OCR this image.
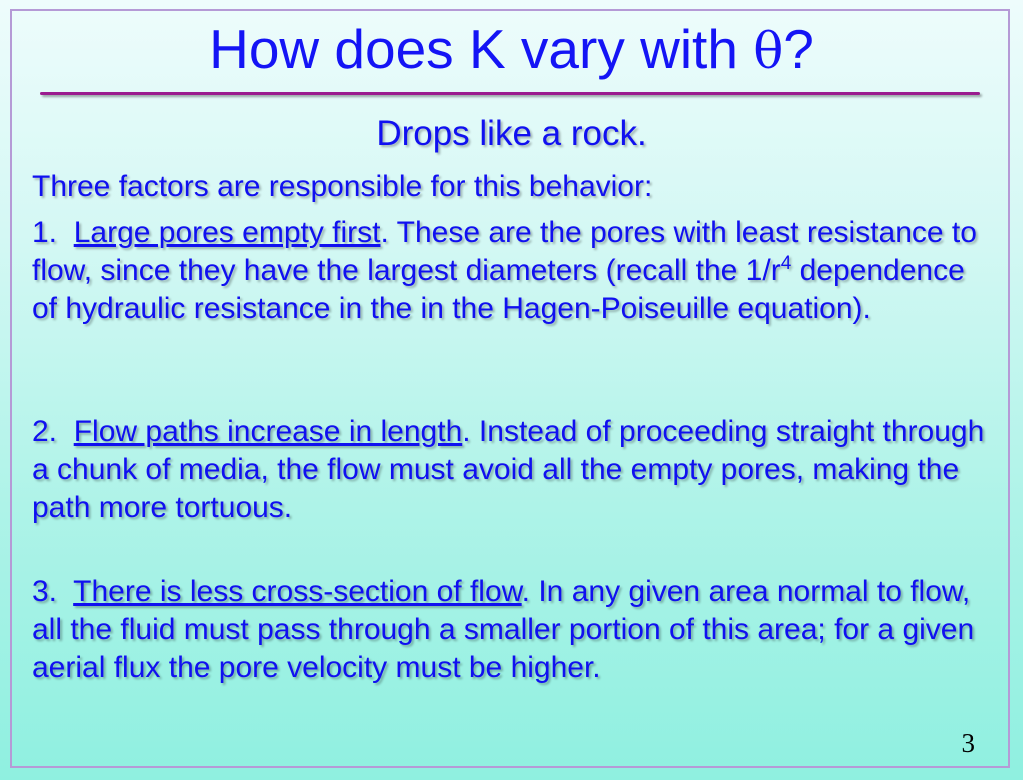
How does K vary with θ?

Drops like a rock.

Three factors are responsible for this behavior:

1. Large pores empty first. These are the pores with least resistance to flow, since they have the largest diameters (recall the $1/r^4$ dependence of hydraulic resistance in the in the Hagen-Poiseuille equation).

2. Flow paths increase in length. Instead of proceeding straight through a chunk of media, the flow must avoid all the empty pores, making the path more tortuous.

3. There is less cross-section of flow. In any given area normal to flow, all the fluid must pass through a smaller portion of this area; for a given aerial flux the pore velocity must be higher.

3
